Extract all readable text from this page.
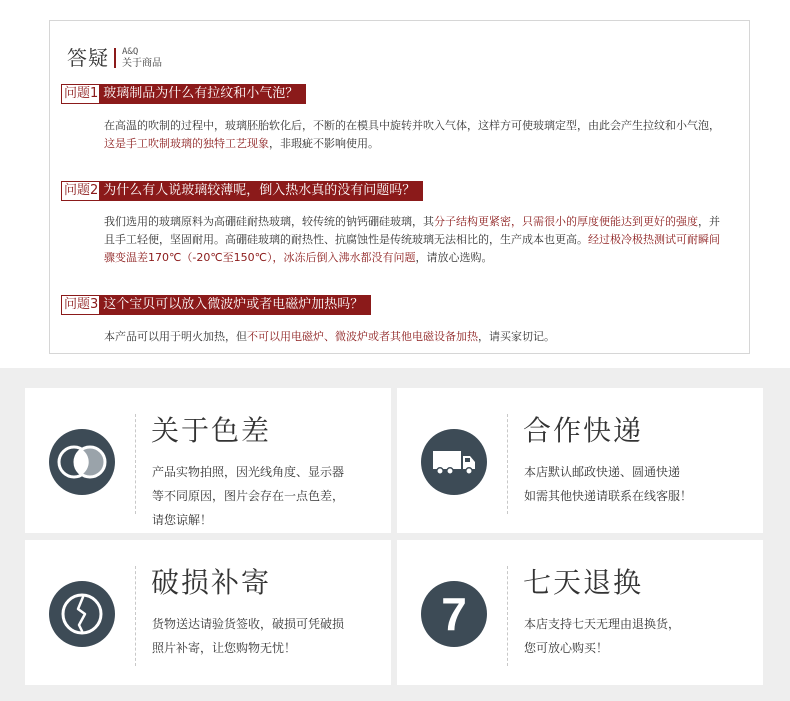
答疑 A&Q
关于商品
问题1 玻璃制品为什么有拉纹和小气泡？

在高温的吹制的过程中，玻璃胚胎软化后，不断的在模具中旋转并吹入气体，这样方可使玻璃定型，由此会产生拉纹和小气泡，这是手工吹制玻璃的独特工艺现象，非瑕疵不影响使用。

问题2 为什么有人说玻璃较薄呢，倒入热水真的没有问题吗？

我们选用的玻璃原料为高硼硅耐热玻璃，较传统的钠钙硼硅玻璃，其分子结构更紧密，只需很小的厚度便能达到更好的强度，并且手工轻便，坚固耐用。高硼硅玻璃的耐热性、抗腐蚀性是传统玻璃无法相比的，生产成本也更高。经过极冷极热测试可耐瞬间骤变温差170℃（-20℃至150℃），冰冻后倒入沸水都没有问题，请放心选购。

问题3 这个宝贝可以放入微波炉或者电磁炉加热吗？

本产品可以用于明火加热，但不可以用电磁炉、微波炉或者其他电磁设备加热，请买家切记。

关于色差
产品实物拍照，因光线角度、显示器
等不同原因，图片会存在一点色差，
请您谅解！
合作快递
本店默认邮政快递、圆通快递
如需其他快递请联系在线客服！
破损补寄
货物送达请验货签收，破损可凭破损
照片补寄，让您购物无忧！
7
七天退换
本店支持七天无理由退换货，
您可放心购买！
